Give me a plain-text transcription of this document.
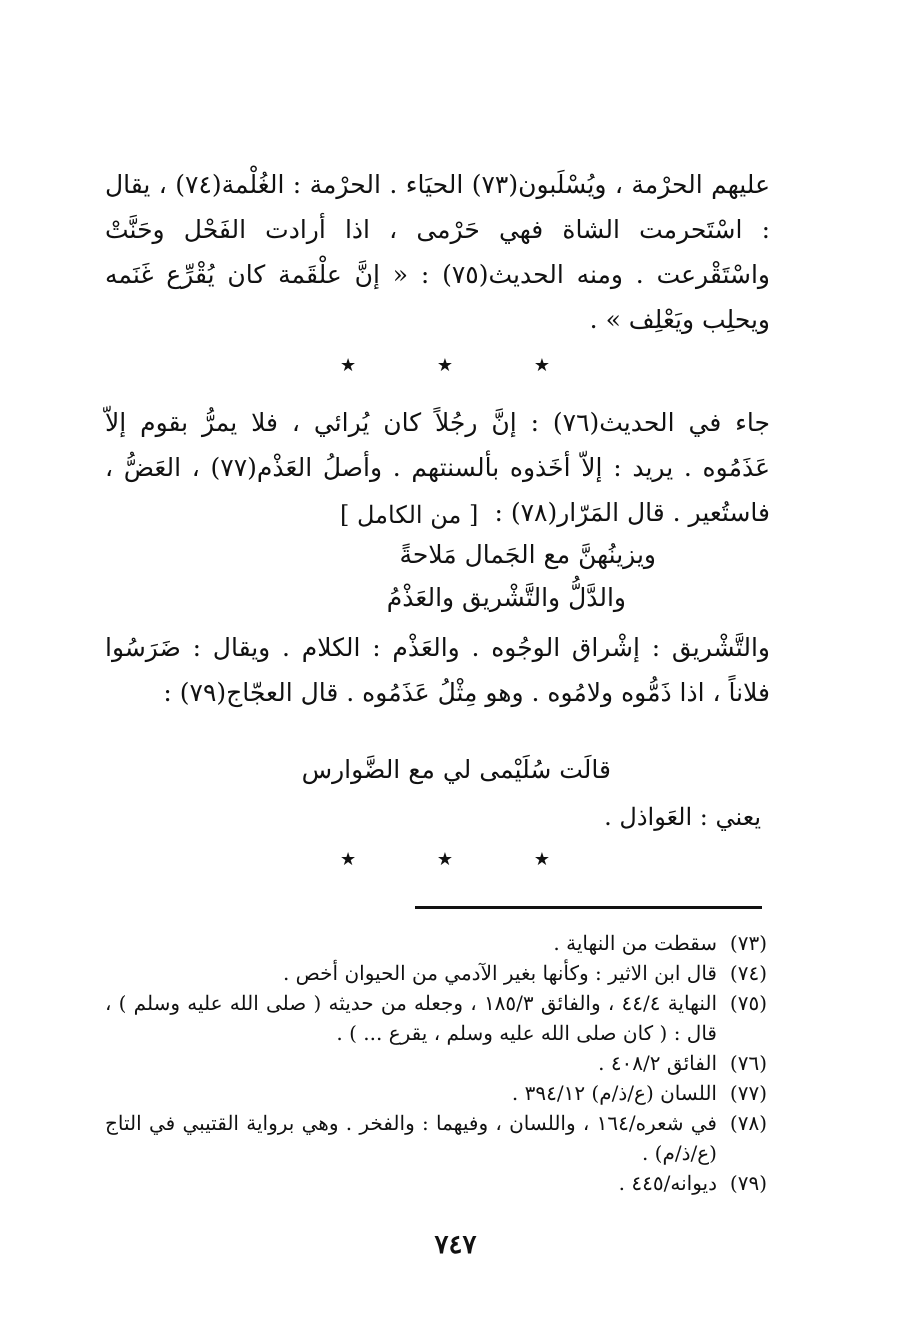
عليهم الحرْمة ، ويُسْلَبون(٧٣) الحيَاء . الحرْمة : الغُلْمة(٧٤) ، يقال : اسْتَحرمت الشاة فهي حَرْمى ، اذا أرادت الفَحْل وحَنَّتْ واسْتَقْرعت . ومنه الحديث(٧٥) : « إنَّ علْقَمة كان يُقْرِّع غَنَمه ويحلِب ويَعْلِف » .

★	★	★

جاء في الحديث(٧٦) : إنَّ رجُلاً كان يُرائي ، فلا يمرُّ بقوم إلاّ عَذَمُوه . يريد : إلاّ أخَذوه بألسنتهم . وأصلُ العَذْم(٧٧) ، العَضُّ ، فاستُعير . قال المَرّار(٧٨) :

[ من الكامل ]

ويزينُهنَّ مع الجَمال مَلاحةً

والدَّلُّ والتَّشْريق والعَذْمُ

والتَّشْريق : إشْراق الوجُوه . والعَذْم : الكلام . ويقال : ضَرَسُوا فلاناً ، اذا ذَمُّوه ولامُوه . وهو مِثْلُ عَذَمُوه . قال العجّاج(٧٩) :

قالَت سُلَيْمى لي مع الضَّوارس

يعني : العَواذل .

★	★	★
(٧٣)
سقطت من النهاية .
(٧٤)
قال ابن الاثير : وكأنها بغير الآدمي من الحيوان أخص .
(٧٥)
النهاية ٤٤/٤ ، والفائق ١٨٥/٣ ، وجعله من حديثه ( صلى الله عليه وسلم ) ، قال : ( كان صلى الله عليه وسلم ، يقرع ... ) .
(٧٦)
الفائق ٤٠٨/٢ .
(٧٧)
اللسان (ع/ذ/م) ٣٩٤/١٢ .
(٧٨)
في شعره/١٦٤ ، واللسان ، وفيهما : والفخر . وهي برواية القتيبي في التاج (ع/ذ/م) .
(٧٩)
ديوانه/٤٤٥ .
٧٤٧
